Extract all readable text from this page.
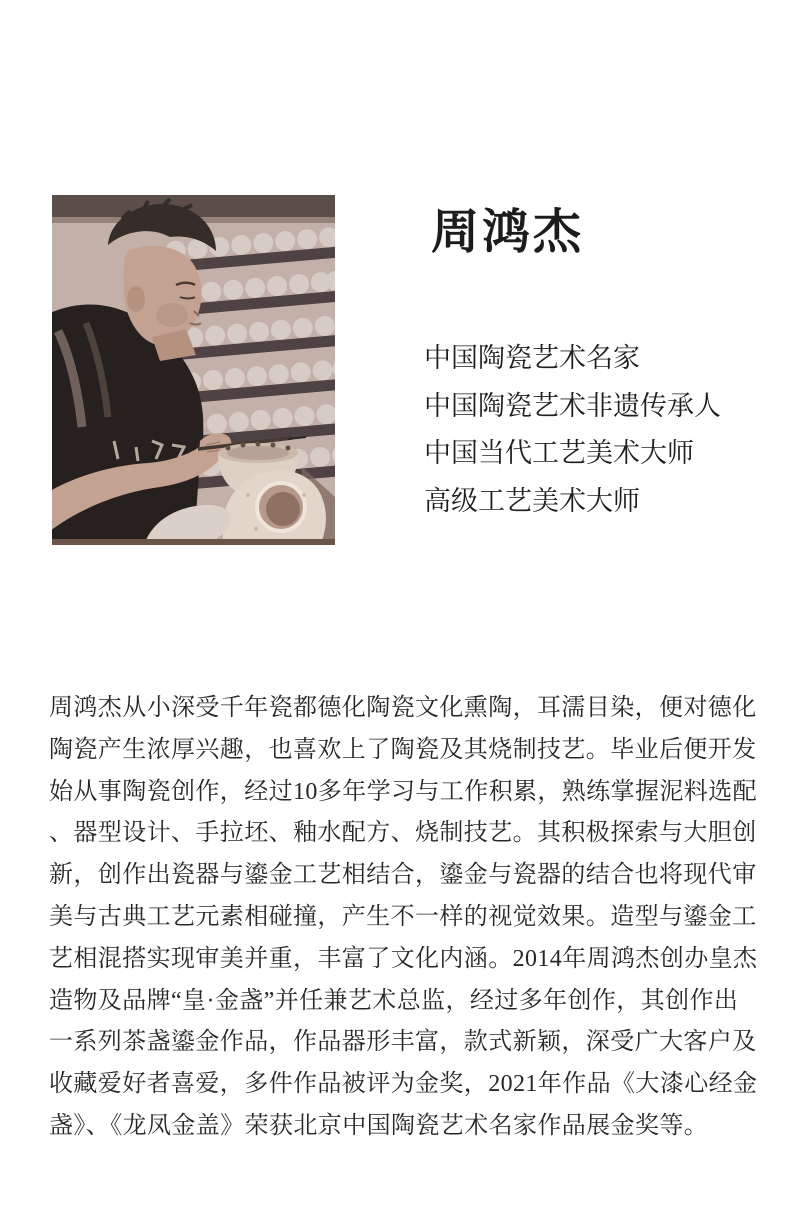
周鸿杰
中国陶瓷艺术名家
中国陶瓷艺术非遗传承人
中国当代工艺美术大师
高级工艺美术大师
周鸿杰从小深受千年瓷都德化陶瓷文化熏陶，耳濡目染，便对德化
陶瓷产生浓厚兴趣，也喜欢上了陶瓷及其烧制技艺。毕业后便开发
始从事陶瓷创作，经过10多年学习与工作积累，熟练掌握泥料选配
、器型设计、手拉坯、釉水配方、烧制技艺。其积极探索与大胆创
新，创作出瓷器与鎏金工艺相结合，鎏金与瓷器的结合也将现代审
美与古典工艺元素相碰撞，产生不一样的视觉效果。造型与鎏金工
艺相混搭实现审美并重，丰富了文化内涵。2014年周鸿杰创办皇杰
造物及品牌“皇·金盏”并任兼艺术总监，经过多年创作，其创作出
一系列茶盏鎏金作品，作品器形丰富，款式新颖，深受广大客户及
收藏爱好者喜爱，多件作品被评为金奖，2021年作品《大漆心经金
盏》、《龙凤金盖》荣获北京中国陶瓷艺术名家作品展金奖等。
